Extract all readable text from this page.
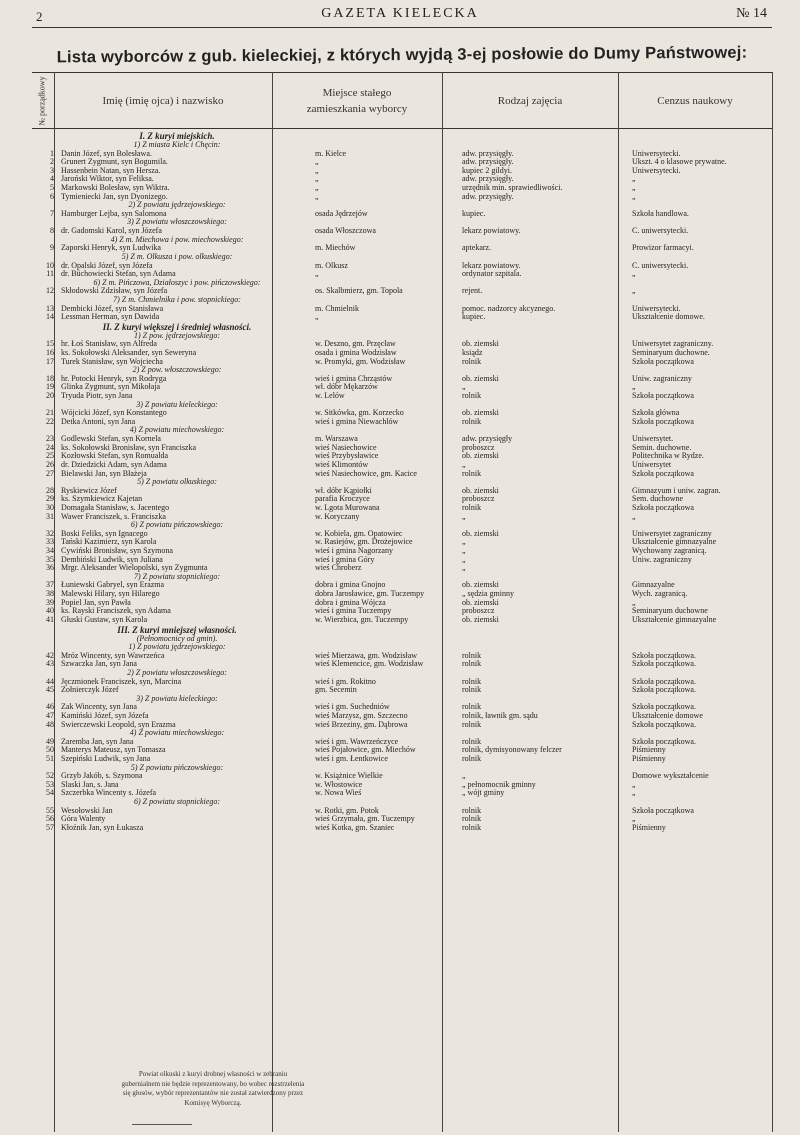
2	GAZETA KIELECKA	№ 14
Lista wyborców z gub. kieleckiej, z których wyjdą 3-ej posłowie do Dumy Państwowej:
№ porządkowy	Imię (imię ojca) i nazwisko
Miejsce stałego zamieszkania wyborcy
Rodzaj zajęcia	Cenzus naukowy
I. Z kuryi miejskich.
1) Z miasta Kielc i Chęcin:
1 Danin Józef, syn Bolesława.	m. Kielce	adw. przysięgły.	Uniwersytecki.
2 Grunert Zygmunt, syn Bogumila.	„	adw. przysięgły.	Ukszt. 4 o klasowe prywatne.
3 Hassenbein Natan, syn Hersza.	„	kupiec 2 gildyi.	Uniwersytecki.
4 Jaroński Wiktor, syn Feliksa.	„	adw. przysięgły.	„
5 Markowski Bolesław, syn Wiktra.	„	urzędnik min. sprawiedliwości.	„
6 Tymieniecki Jan, syn Dyonizego.	„	adw. przysięgły.	„
2) Z powiatu jędrzejowskiego:
7 Hamburger Lejba, syn Salomona	osada Jędrzejów	kupiec.	Szkoła handlowa.
3) Z powiatu włoszczowskiego:
8 dr. Gadomski Karol, syn Józefa	osada Włoszczowa	lekarz powiatowy.	C. uniwersytecki.
4) Z m. Miechowa i pow. miechowskiego:
9 Zaporski Henryk, syn Ludwika	m. Miechów	aptekarz.	Prowizor farmacyi.
5) Z m. Olkusza i pow. olkuskiego:
10 dr. Opalski Józef, syn Józefa	m. Olkusz	lekarz powiatowy.	C. uniwersytecki.
11 dr. Büchowiecki Stefan, syn Adama	„	ordynator szpitala.	„
6) Z m. Pińczowa, Działoszyc i pow. pińczowskiego:
12 Skłodowski Zdzisław, syn Józefa	os. Skalbmierz, gm. Topola	rejent.	„
7) Z m. Chmielnika i pow. stopnickiego:
13 Dembicki Józef, syn Stanisława	m. Chmielnik	pomoc. nadzorcy akcyznego.	Uniwersytecki.
14 Lessman Herman, syn Dawida	„	kupiec.	Ukształcenie domowe.
II. Z kuryi większej i średniej własności.
1) Z pow. jędrzejowskiego:
15 hr. Łoś Stanisław, syn Alfreda	w. Deszno, gm. Przęcław	ob. ziemski	Uniwersytet zagraniczny.
16 ks. Sokołowski Aleksander, syn Seweryna	osada i gmina Wodzisław	ksiądz	Seminaryum duchowne.
17 Turek Stanisław, syn Wojciecha	w. Promyki, gm. Wodzisław	rolnik	Szkoła początkowa
2) Z pow. włoszczowskiego:
18 hr. Potocki Henryk, syn Rodryga	wieś i gmina Chrząstów	ob. ziemski	Uniw. zagraniczny
19 Glinka Zygmunt, syn Mikołaja	wł. dóbr Mękarzów	„	„
20 Tryuda Piotr, syn Jana	w. Lelów	rolnik	Szkoła początkowa
3) Z powiatu kieleckiego:
21 Wójcicki Józef, syn Konstantego	w. Sitkówka, gm. Korzecko	ob. ziemski	Szkoła główna
22 Detka Antoni, syn Jana	wieś i gmina Niewachlów	rolnik	Szkoła początkowa
4) Z powiatu miechowskiego:
23 Godlewski Stefan, syn Kornela	m. Warszawa	adw. przysięgły	Uniwersytet.
24 ks. Sokołowski Bronisław, syn Franciszka	wieś Nasiechowice	proboszcz	Semin. duchowne.
25 Kozłowski Stefan, syn Romualda	wieś Przybysławice	ob. ziemski	Politechnika w Rydze.
26 dr. Dziedzicki Adam, syn Adama	wieś Klimontów	„	Uniwersytet
27 Bielawski Jan, syn Błażeja	wieś Nasiechowice, gm. Kacice	rolnik	Szkoła początkowa
5) Z powiatu olkuskiego:
28 Ryskiewicz Józef	wł. dóbr Kąpiołki	ob. ziemski	Gimnazyum i uniw. zagran.
29 ks. Szymkiewicz Kajetan	parafia Kroczyce	proboszcz	Sem. duchowne
30 Domagała Stanisław, s. Jacentego	w. Lgota Murowana	rolnik	Szkoła początkowa
31 Wawer Franciszek, s. Franciszka	w. Koryczany	„	„
6) Z powiatu pińczowskiego:
32 Boski Feliks, syn Ignacego	w. Kobiela, gm. Opatowiec	ob. ziemski	Uniwersytet zagraniczny
33 Tański Kazimierz, syn Karola	w. Rasiejów, gm. Drożejowice	„	Ukształcenie gimnazyalne
34 Cywiński Bronisław, syn Szymona	wieś i gmina Nagorzany	„	Wychowany zagranicą.
35 Dembiński Ludwik, syn Juliana	wieś i gmina Góry	„	Uniw. zagraniczny
36 Mrgr. Aleksander Wielopolski, syn Zygmunta	wieś Chroberz	„
7) Z powiatu stopnickiego:
37 Łuniewski Gabryel, syn Erazma	dobra i gmina Gnojno	ob. ziemski	Gimnazyalne
38 Malewski Hilary, syn Hilarego	dobra Jarosławice, gm. Tuczempy	„ sędzia gminny	Wych. zagranicą.
39 Popiel Jan, syn Pawła	dobra i gmina Wójcza	ob. ziemski	„
40 ks. Rayski Franciszek, syn Adama	wieś i gmina Tuczempy	proboszcz	Seminaryum duchowne
41 Głuski Gustaw, syn Karola	w. Wierzbica, gm. Tuczempy	ob. ziemski	Ukształcenie gimnazyalne
III. Z kuryi mniejszej własności.
(Pełnomocnicy od gmin).
1) Z powiatu jędrzejowskiego:
42 Mróz Wincenty, syn Wawrzeńca	wieś Mierzawa, gm. Wodzisław	rolnik	Szkoła początkowa.
43 Szwaczka Jan, syn Jana	wieś Klemencice, gm. Wodzisław	rolnik	Szkoła początkowa.
2) Z powiatu włoszczowskiego:
44 Jęczmionek Franciszek, syn, Marcina	wieś i gm. Rokitno	rolnik	Szkoła początkowa.
45 Żołnierczyk Józef	gm. Secemin	rolnik	Szkoła początkowa.
3) Z powiatu kieleckiego:
46 Żak Wincenty, syn Jana	wieś i gm. Suchedniów	rolnik	Szkoła początkowa.
47 Kamiński Józef, syn Józefa	wieś Marzysz, gm. Szczecno	rolnik, ławnik gm. sądu	Ukształcenie domowe
48 Świerczewski Leopold, syn Erazma	wieś Brzeziny, gm. Dąbrowa	rolnik	Szkoła początkowa.
4) Z powiatu miechowskiego:
49 Zaremba Jan, syn Jana	wieś i gm. Wawrzeńczyce	rolnik	Szkoła początkowa.
50 Manterys Mateusz, syn Tomasza	wieś Pojałowice, gm. Miechów	rolnik, dymisyonowany felczer	Piśmienny
51 Szepiński Ludwik, syn Jana	wieś i gm. Łentkowice	rolnik	Piśmienny
5) Z powiatu pińczowskiego:
52 Grzyb Jakób, s. Szymona	w. Książnice Wielkie	„	Domowe wykształcenie
53 Ślaski Jan, s. Jana	w. Włostowice	„ pełnomocnik gminny	„
54 Szczerbka Wincenty s. Józefa	w. Nowa Wieś	„ wójt gminy	„
6) Z powiatu stopnickiego:
55 Wesołowski Jan	w. Rotki, gm. Potok	rolnik	Szkoła początkowa
56 Góra Walenty	wieś Grzymała, gm. Tuczempy	rolnik	„
57 Kłoźnik Jan, syn Łukasza	wieś Kotka, gm. Szaniec	rolnik	Piśmienny
Powiat olkuski z kuryi drobnej własności w zebraniu gubernialnem nie będzie reprezentowany, bo wobec rozstrzelenia się głosów, wybór reprezentantów nie został zatwierdzony przez Komisyę Wyborczą.
